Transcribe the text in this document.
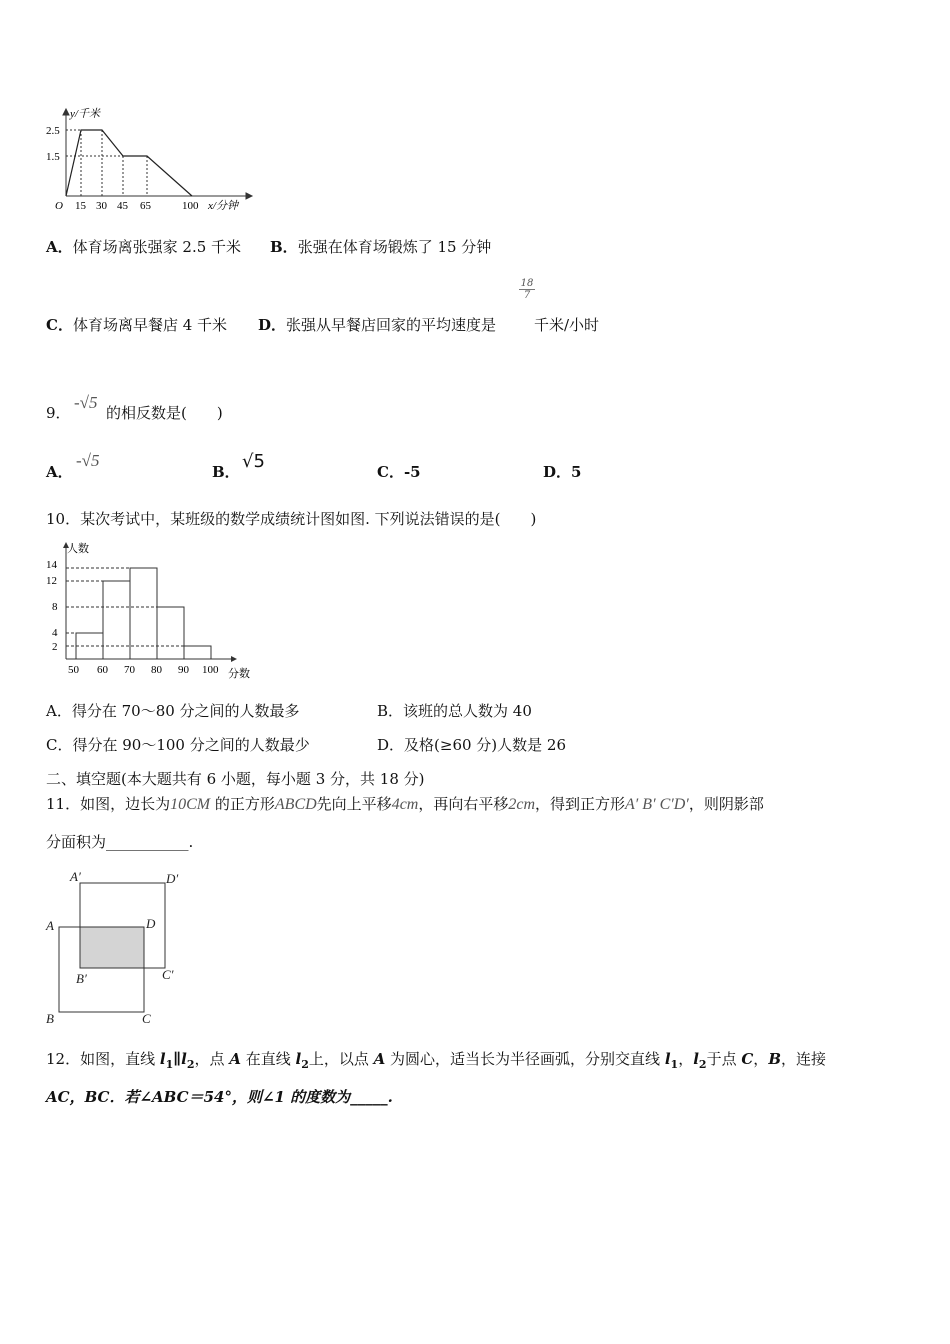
y/千米
2.5
1.5
O 15 30 45 65	100 x/分钟
A．体育场离张强家 2.5 千米 B．张强在体育场锻炼了 15 分钟
C．体育场离早餐店 4 千米 D．张强从早餐店回家的平均速度是
$\frac{18}{7}$
千米/小时
9．
-√5
的相反数是(　　)
A．
-√5
B． √5	C．-5	D．5
10．某次考试中，某班级的数学成绩统计图如图. 下列说法错误的是(　　)
人数
分数
2
4
8
12
14
50 60 70 80 90 100
A．得分在 70～80 分之间的人数最多	B．该班的总人数为 40
C．得分在 90～100 分之间的人数最少	D．及格(≥60 分)人数是 26
二、填空题(本大题共有 6 小题，每小题 3 分，共 18 分)
11．如图，边长为10CM 的正方形ABCD先向上平移4cm，再向右平移2cm，得到正方形A′ B′ C′D′，则阴影部
分面积为___________.
A′	D′
A	D
B′	C′
B	C
12．如图，直线 $l_1\parallel l_2$，点 A 在直线 $l_2$上，以点 A 为圆心，适当长为半径画弧，分别交直线 $l_1$，$l_2$于点 C，B，连接
AC，BC．若∠ABC＝54°，则∠1 的度数为_____.
